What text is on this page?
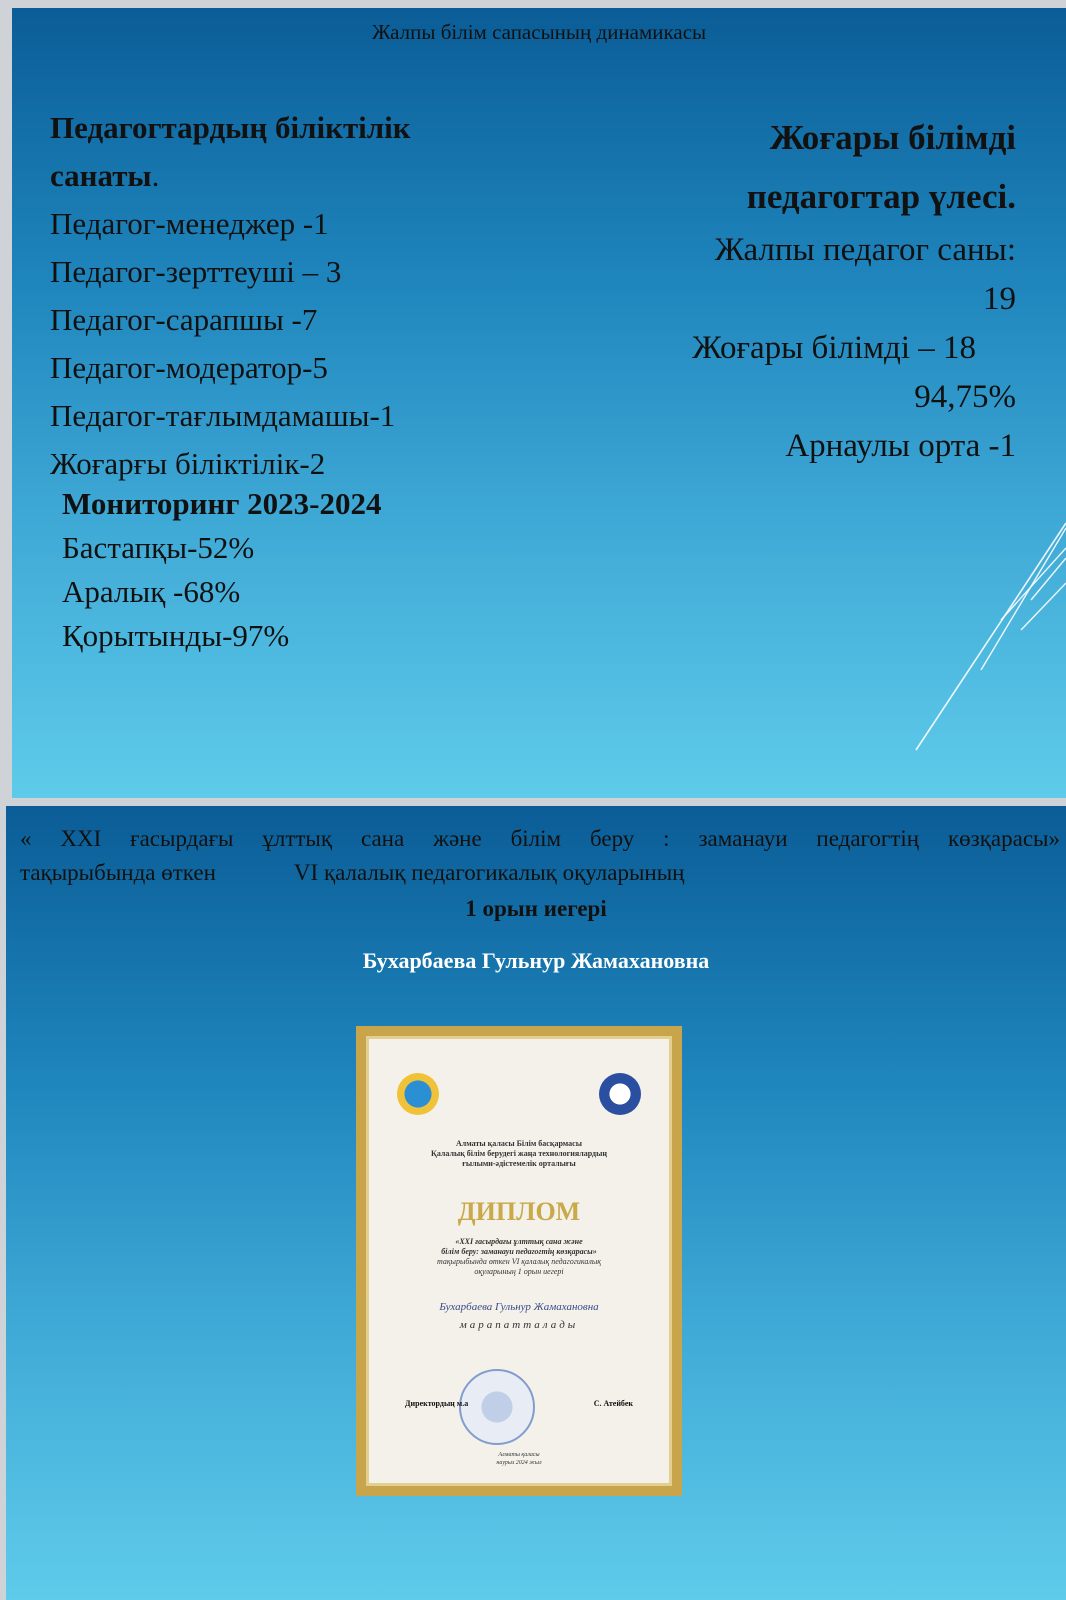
Жалпы білім сапасының динамикасы
Педагогтардың біліктілік
санаты.
Педагог-менеджер -1
Педагог-зерттеуші – 3
Педагог-сарапшы -7
Педагог-модератор-5
Педагог-тағлымдамашы-1
Жоғарғы біліктілік-2
Мониторинг 2023-2024
Бастапқы-52%
Аралық -68%
Қорытынды-97%
Жоғары білімді
педагогтар үлесі.
Жалпы педагог саны:
19
Жоғары білімді – 18
94,75%
Арнаулы орта -1
« XXI ғасырдағы ұлттық сана және білім беру : заманауи педагогтің көзқарасы»
тақырыбында өткен	VI қалалық педагогикалық оқуларының
1 орын иегері
Бухарбаева Гульнур Жамахановна
Алматы қаласы Білім басқармасы
Қалалық білім берудегі жаңа технологиялардың
ғылыми-әдістемелік орталығы
ДИПЛОМ
«XXI ғасырдағы ұлттық сана және
білім беру: заманауи педагогтің көзқарасы»
тақырыбында өткен VI қалалық педагогикалық
оқуларының 1 орын иегері
Бухарбаева Гульнур Жамахановна
марапатталады
Директордың м.а	С. Атейбек
Алматы қаласы
наурыз 2024 жыл
